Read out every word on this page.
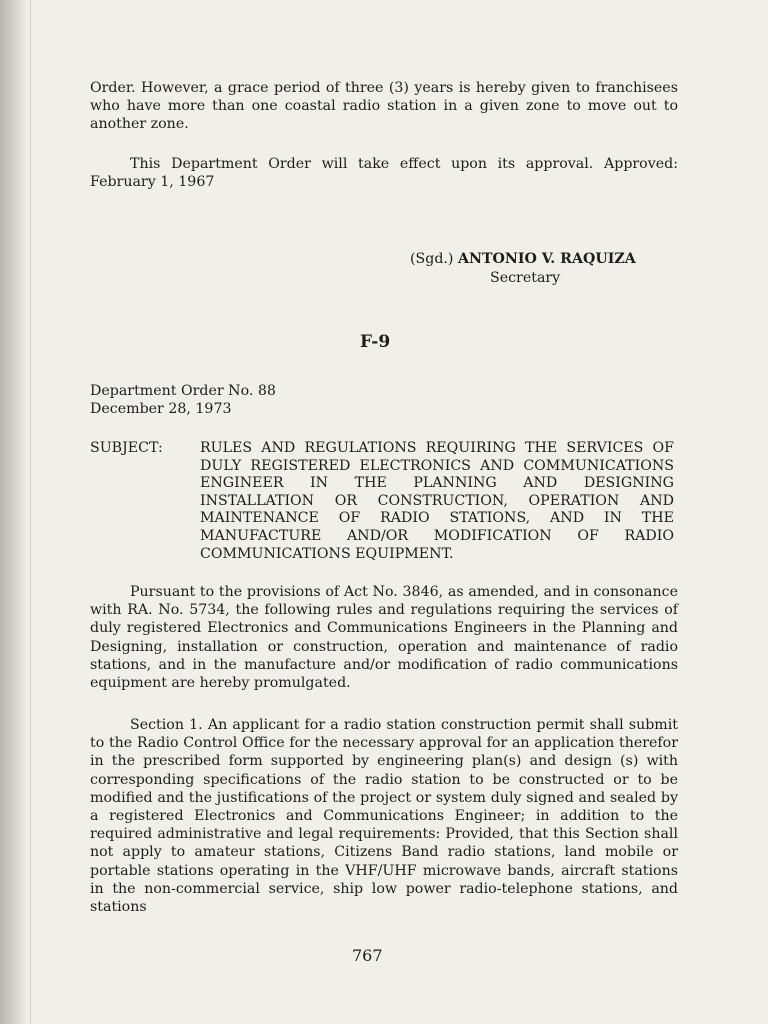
Order. However, a grace period of three (3) years is hereby given to franchisees who have more than one coastal radio station in a given zone to move out to another zone.

This Department Order will take effect upon its approval. Approved: February 1, 1967

(Sgd.) ANTONIO V. RAQUIZA
Secretary
F-9
Department Order No. 88
December 28, 1973
SUBJECT:	RULES AND REGULATIONS REQUIRING THE SERVICES OF DULY REGISTERED ELECTRONICS AND COMMUNICATIONS ENGINEER IN THE PLANNING AND DESIGNING INSTALLATION OR CONSTRUCTION, OPERATION AND MAINTENANCE OF RADIO STATIONS, AND IN THE MANUFACTURE AND/OR MODIFICATION OF RADIO COMMUNICATIONS EQUIPMENT.

Pursuant to the provisions of Act No. 3846, as amended, and in consonance with RA. No. 5734, the following rules and regulations requiring the services of duly registered Electronics and Communications Engineers in the Planning and Designing, installation or construction, operation and maintenance of radio stations, and in the manufacture and/or modification of radio communications equipment are hereby promulgated.

Section 1. An applicant for a radio station construction permit shall submit to the Radio Control Office for the necessary approval for an application therefor in the prescribed form supported by engineering plan(s) and design (s) with corresponding specifications of the radio station to be constructed or to be modified and the justifications of the project or system duly signed and sealed by a registered Electronics and Communications Engineer; in addition to the required administrative and legal requirements: Provided, that this Section shall not apply to amateur stations, Citizens Band radio stations, land mobile or portable stations operating in the VHF/UHF microwave bands, aircraft stations in the non-commercial service, ship low power radio-telephone stations, and stations

767
